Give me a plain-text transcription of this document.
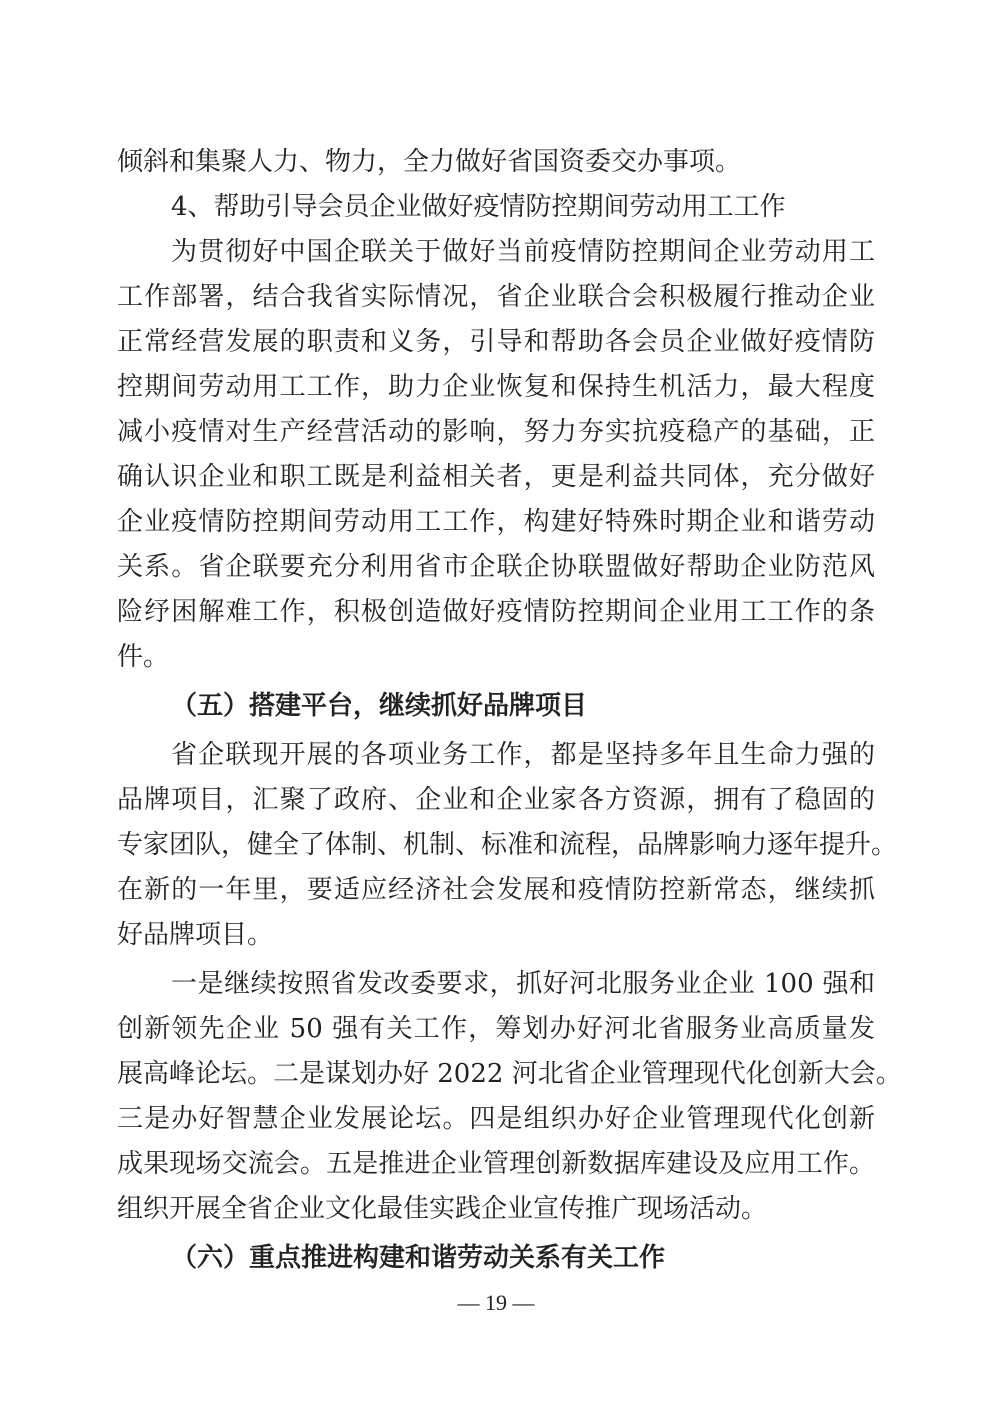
倾斜和集聚人力、物力，全力做好省国资委交办事项。
4、帮助引导会员企业做好疫情防控期间劳动用工工作
为贯彻好中国企联关于做好当前疫情防控期间企业劳动用工
工作部署，结合我省实际情况，省企业联合会积极履行推动企业
正常经营发展的职责和义务，引导和帮助各会员企业做好疫情防
控期间劳动用工工作，助力企业恢复和保持生机活力，最大程度
减小疫情对生产经营活动的影响，努力夯实抗疫稳产的基础，正
确认识企业和职工既是利益相关者，更是利益共同体，充分做好
企业疫情防控期间劳动用工工作，构建好特殊时期企业和谐劳动
关系。省企联要充分利用省市企联企协联盟做好帮助企业防范风
险纾困解难工作，积极创造做好疫情防控期间企业用工工作的条
件。
（五）搭建平台，继续抓好品牌项目
省企联现开展的各项业务工作，都是坚持多年且生命力强的
品牌项目，汇聚了政府、企业和企业家各方资源，拥有了稳固的
专家团队，健全了体制、机制、标准和流程，品牌影响力逐年提升。
在新的一年里，要适应经济社会发展和疫情防控新常态，继续抓
好品牌项目。
一是继续按照省发改委要求，抓好河北服务业企业 100 强和
创新领先企业 50 强有关工作，筹划办好河北省服务业高质量发
展高峰论坛。二是谋划办好 2022 河北省企业管理现代化创新大会。
三是办好智慧企业发展论坛。四是组织办好企业管理现代化创新
成果现场交流会。五是推进企业管理创新数据库建设及应用工作。
组织开展全省企业文化最佳实践企业宣传推广现场活动。
（六）重点推进构建和谐劳动关系有关工作
— 19 —
